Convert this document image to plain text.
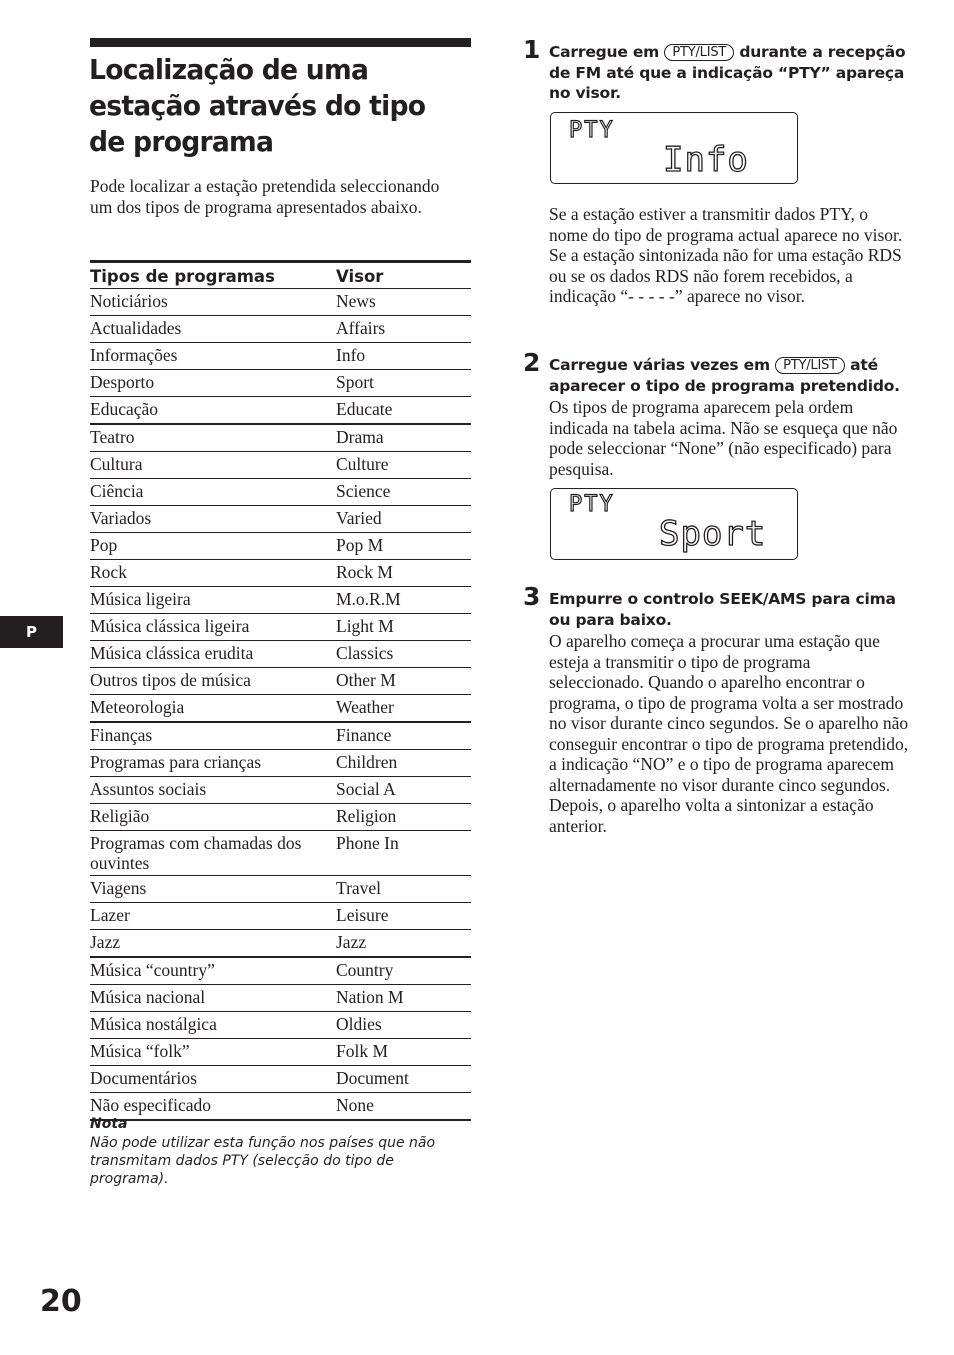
Localização de uma estação através do tipo de programa

Pode localizar a estação pretendida seleccionando um dos tipos de programa apresentados abaixo.

Tipos de programas	Visor
Noticiários	News
Actualidades	Affairs
Informações	Info
Desporto	Sport
Educação	Educate
Teatro	Drama
Cultura	Culture
Ciência	Science
Variados	Varied
Pop	Pop M
Rock	Rock M
Música ligeira	M.o.R.M
Música clássica ligeira	Light M
Música clássica erudita	Classics
Outros tipos de música	Other M
Meteorologia	Weather
Finanças	Finance
Programas para crianças	Children
Assuntos sociais	Social A
Religião	Religion
Programas com chamadas dos ouvintes	Phone In
Viagens	Travel
Lazer	Leisure
Jazz	Jazz
Música “country”	Country
Música nacional	Nation M
Música nostálgica	Oldies
Música “folk”	Folk M
Documentários	Document
Não especificado	None
Nota
Não pode utilizar esta função nos países que não transmitam dados PTY (selecção do tipo de programa).
P
20
1 Carregue em PTY/LIST durante a recepção de FM até que a indicação “PTY” apareça no visor.
PTY
Info

Se a estação estiver a transmitir dados PTY, o nome do tipo de programa actual aparece no visor. Se a estação sintonizada não for uma estação RDS ou se os dados RDS não forem recebidos, a indicação “- - - - -” aparece no visor.

2 Carregue várias vezes em PTY/LIST até aparecer o tipo de programa pretendido.

Os tipos de programa aparecem pela ordem indicada na tabela acima. Não se esqueça que não pode seleccionar “None” (não especificado) para pesquisa.

PTY
Sport
3 Empurre o controlo SEEK/AMS para cima ou para baixo.

O aparelho começa a procurar uma estação que esteja a transmitir o tipo de programa seleccionado. Quando o aparelho encontrar o programa, o tipo de programa volta a ser mostrado no visor durante cinco segundos. Se o aparelho não conseguir encontrar o tipo de programa pretendido, a indicação “NO” e o tipo de programa aparecem alternadamente no visor durante cinco segundos. Depois, o aparelho volta a sintonizar a estação anterior.
